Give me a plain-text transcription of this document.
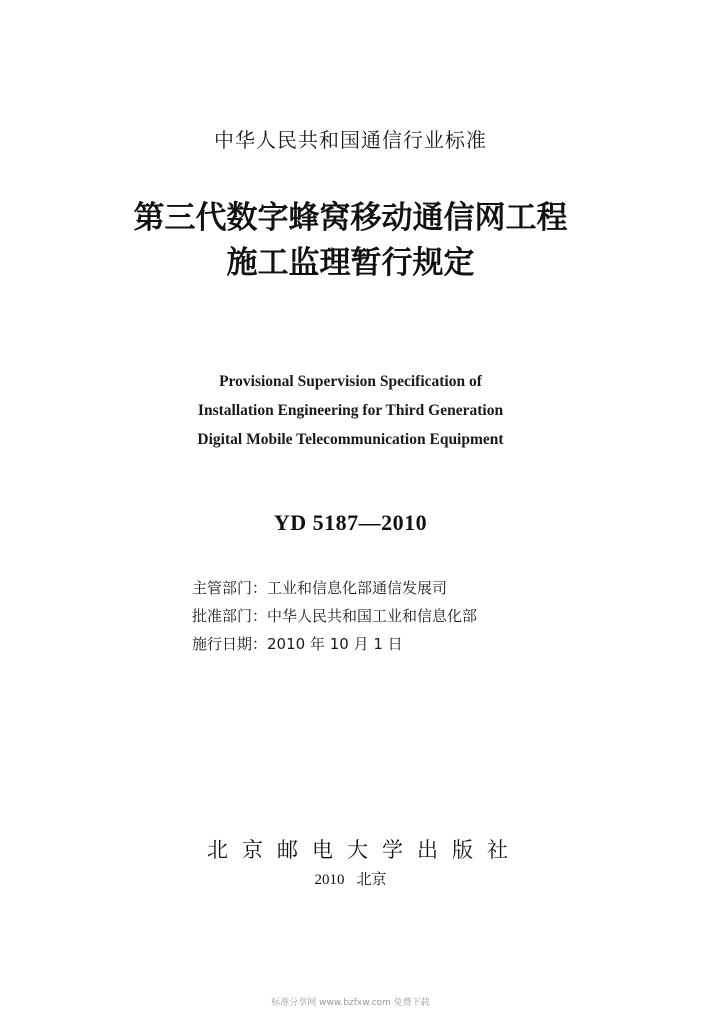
中华人民共和国通信行业标准
第三代数字蜂窝移动通信网工程
施工监理暂行规定
Provisional Supervision Specification of
Installation Engineering for Third Generation
Digital Mobile Telecommunication Equipment
YD 5187—2010
主管部门：工业和信息化部通信发展司
批准部门：中华人民共和国工业和信息化部
施行日期：2010 年 10 月 1 日
北京邮电大学出版社
2010 北京
标准分享网 www.bzfxw.com 免费下载
